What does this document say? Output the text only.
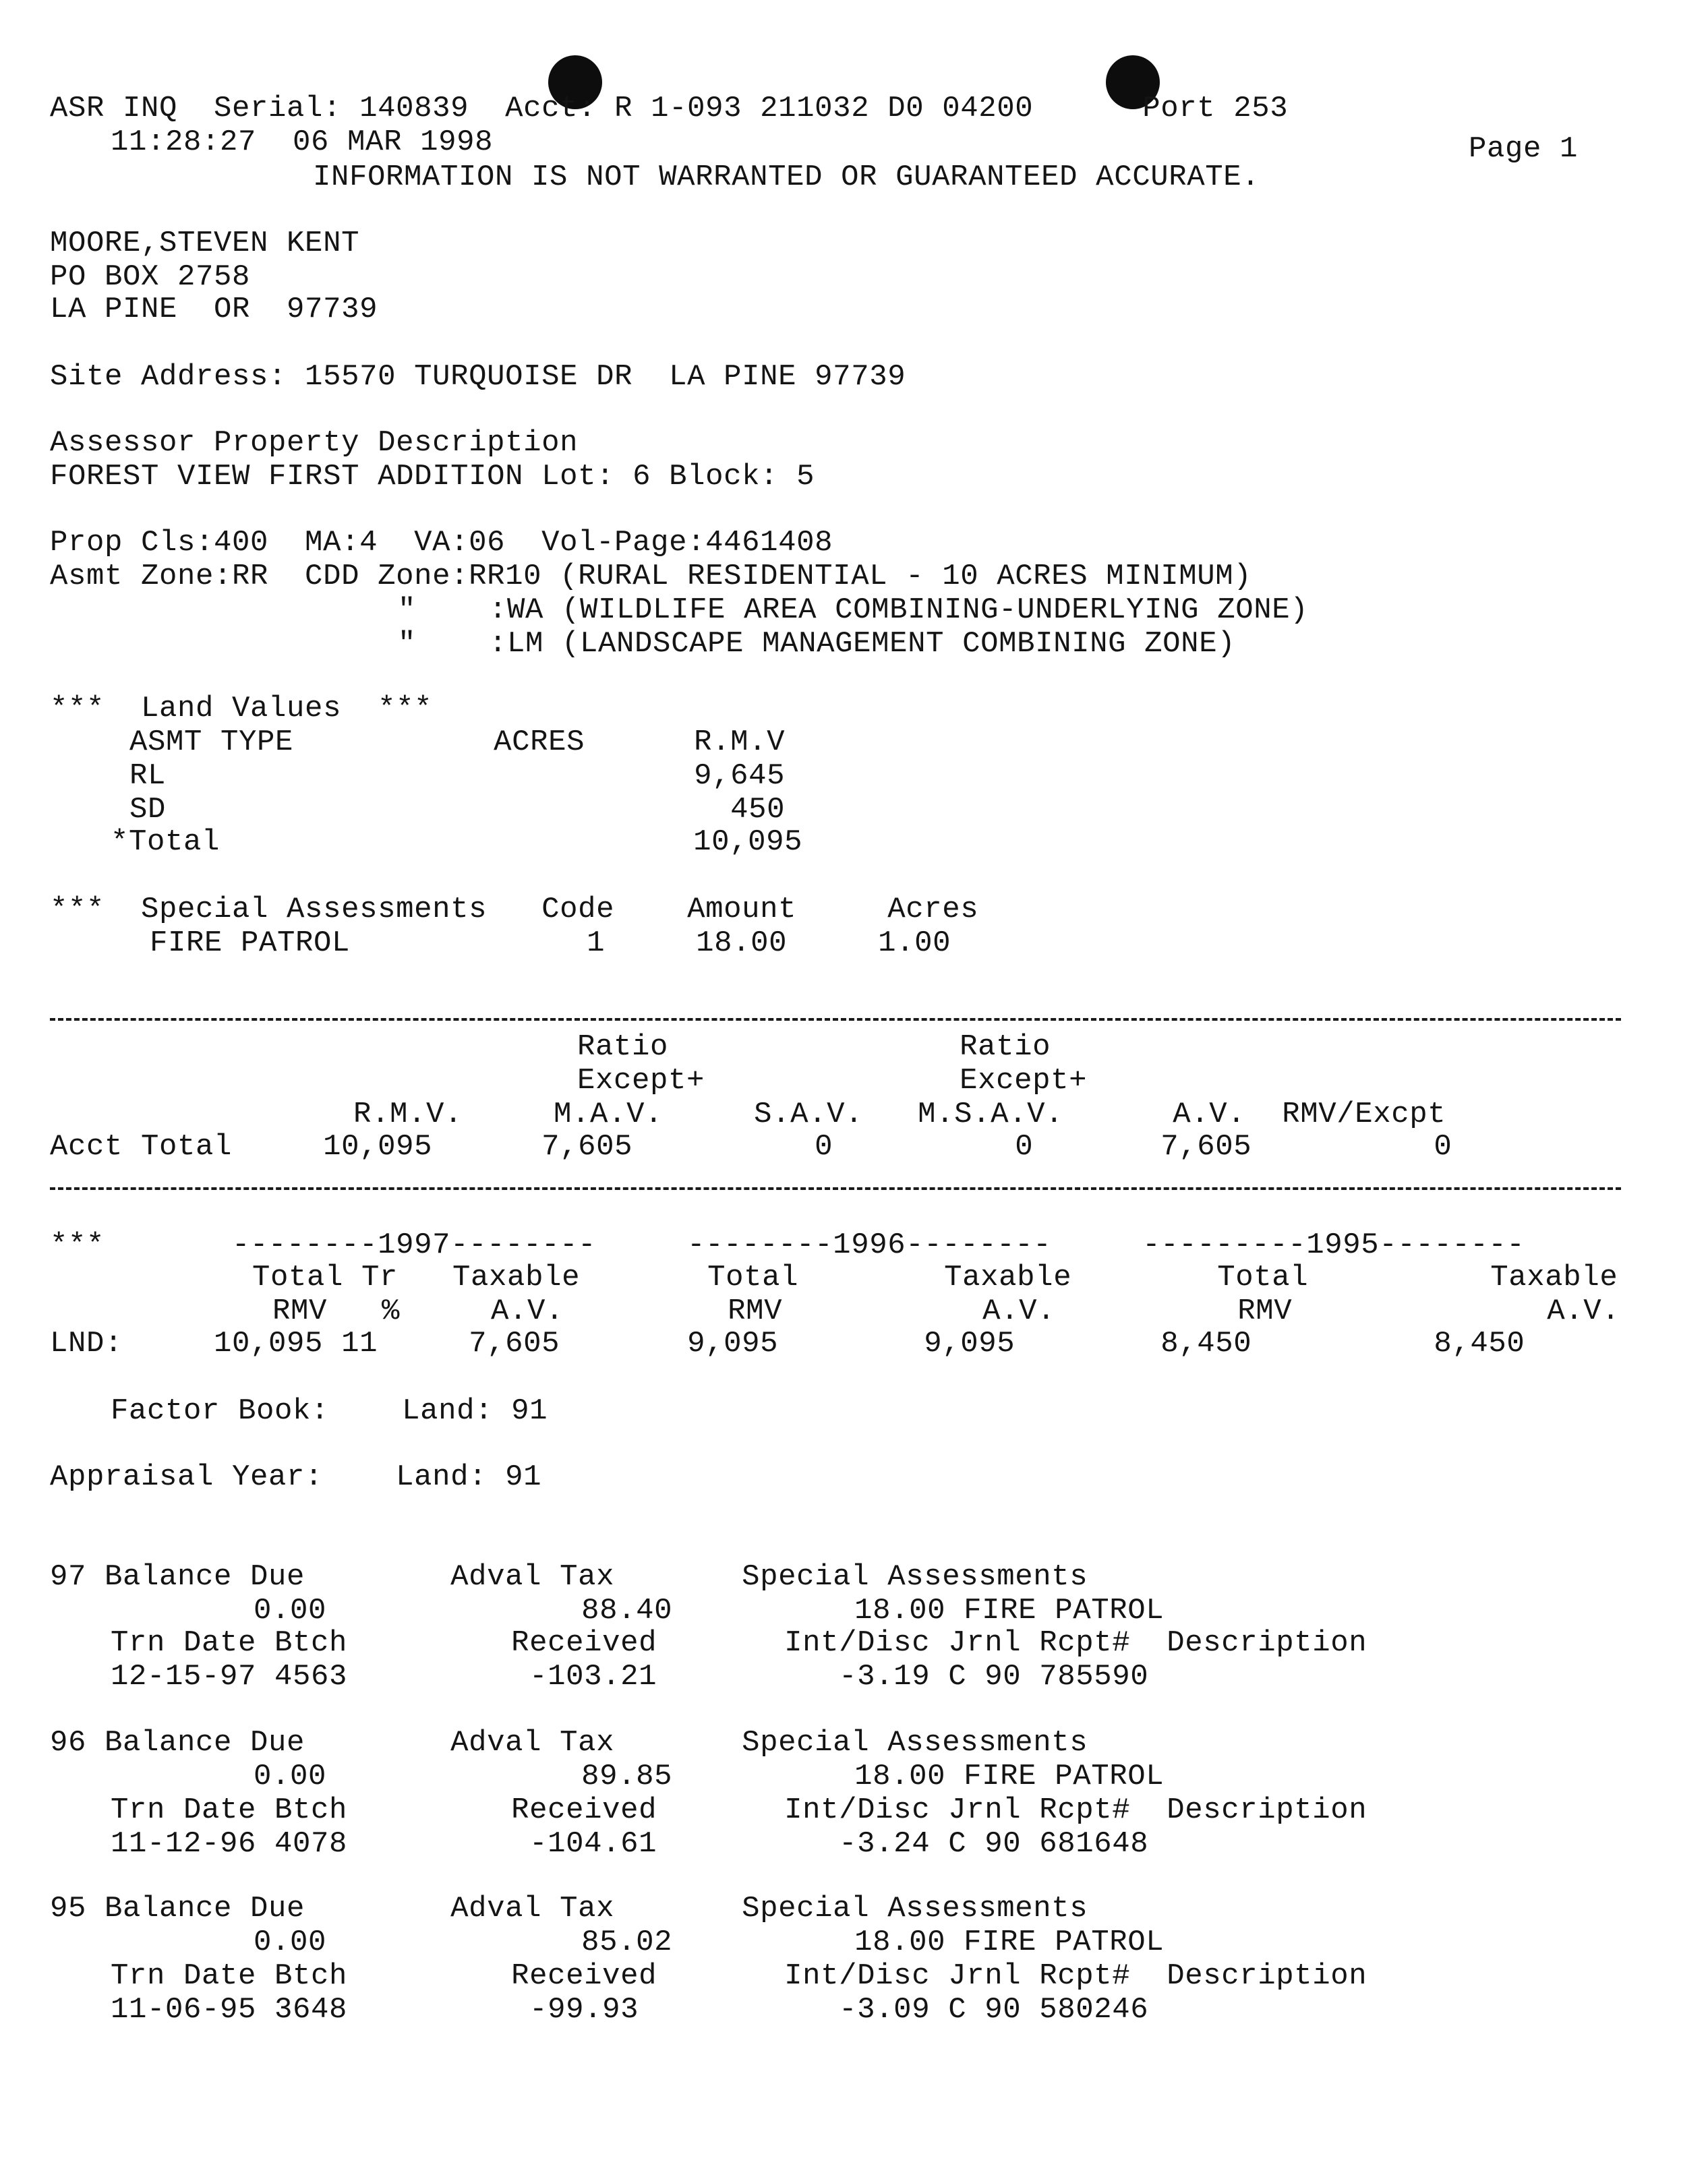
ASR INQ  Serial: 140839  Acct: R 1-093 211032 D0 04200      Port 253
11:28:27  06 MAR 1998	Page 1
INFORMATION IS NOT WARRANTED OR GUARANTEED ACCURATE.
MOORE,STEVEN KENT
PO BOX 2758
LA PINE  OR  97739
Site Address: 15570 TURQUOISE DR  LA PINE 97739
Assessor Property Description
FOREST VIEW FIRST ADDITION Lot: 6 Block: 5
Prop Cls:400  MA:4  VA:06  Vol-Page:4461408
Asmt Zone:RR  CDD Zone:RR10 (RURAL RESIDENTIAL - 10 ACRES MINIMUM)
"    :WA (WILDLIFE AREA COMBINING-UNDERLYING ZONE)
"    :LM (LANDSCAPE MANAGEMENT COMBINING ZONE)
***  Land Values  ***
ASMT TYPE           ACRES      R.M.V
RL                             9,645
SD                               450
*Total                          10,095
***  Special Assessments   Code    Amount     Acres
FIRE PATROL             1     18.00     1.00
Ratio                Ratio
Except+              Except+
R.M.V.     M.A.V.     S.A.V.   M.S.A.V.      A.V.  RMV/Excpt
Acct Total     10,095      7,605          0          0       7,605          0
***       --------1997--------     --------1996--------     ---------1995--------
Total Tr   Taxable       Total        Taxable        Total          Taxable
RMV   %     A.V.         RMV           A.V.          RMV              A.V.
LND:     10,095 11     7,605       9,095        9,095        8,450          8,450
Factor Book:    Land: 91
Appraisal Year:    Land: 91
97 Balance Due        Adval Tax       Special Assessments
0.00              88.40          18.00 FIRE PATROL
Trn Date Btch         Received       Int/Disc Jrnl Rcpt#  Description
12-15-97 4563          -103.21          -3.19 C 90 785590
96 Balance Due        Adval Tax       Special Assessments
0.00              89.85          18.00 FIRE PATROL
Trn Date Btch         Received       Int/Disc Jrnl Rcpt#  Description
11-12-96 4078          -104.61          -3.24 C 90 681648
95 Balance Due        Adval Tax       Special Assessments
0.00              85.02          18.00 FIRE PATROL
Trn Date Btch         Received       Int/Disc Jrnl Rcpt#  Description
11-06-95 3648          -99.93           -3.09 C 90 580246
